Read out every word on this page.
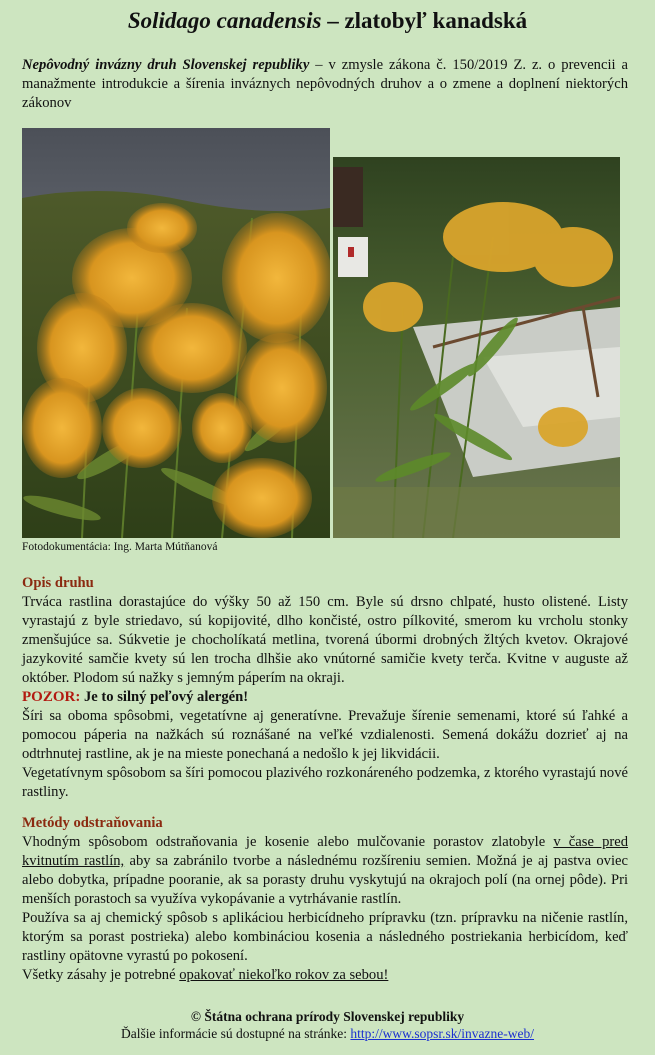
Solidago canadensis – zlatobyľ kanadská
Nepôvodný invázny druh Slovenskej republiky – v zmysle zákona č. 150/2019 Z. z. o prevencii a manažmente introdukcie a šírenia inváznych nepôvodných druhov a o zmene a doplnení niektorých zákonov
Fotodokumentácia: Ing. Marta Mútňanová

Opis druhu

Trváca rastlina dorastajúce do výšky 50 až 150 cm. Byle sú drsno chlpaté, husto olistené. Listy vyrastajú z byle striedavo, sú kopijovité, dlho končisté, ostro pílkovité, smerom ku vrcholu stonky zmenšujúce sa. Súkvetie je chocholíkatá metlina, tvorená úbormi drobných žltých kvetov. Okrajové jazykovité samčie kvety sú len trocha dlhšie ako vnútorné samičie kvety terča. Kvitne v auguste až október. Plodom sú nažky s jemným páperím na okraji.

POZOR: Je to silný peľový alergén!

Šíri sa oboma spôsobmi, vegetatívne aj generatívne. Prevažuje šírenie semenami, ktoré sú ľahké a pomocou páperia na nažkách sú roznášané na veľké vzdialenosti. Semená dokážu dozrieť aj na odtrhnutej rastline, ak je na mieste ponechaná a nedošlo k jej likvidácii.

Vegetatívnym spôsobom sa šíri pomocou plazivého rozkonáreného podzemka, z ktorého vyrastajú nové rastliny.

Metódy odstraňovania

Vhodným spôsobom odstraňovania je kosenie alebo mulčovanie porastov zlatobyle v čase pred kvitnutím rastlín, aby sa zabránilo tvorbe a následnému rozšíreniu semien. Možná je aj pastva oviec alebo dobytka, prípadne pooranie, ak sa porasty druhu vyskytujú na okrajoch polí (na ornej pôde). Pri menších porastoch sa využíva vykopávanie a vytrhávanie rastlín.

Používa sa aj chemický spôsob s aplikáciou herbicídneho prípravku (tzn. prípravku na ničenie rastlín, ktorým sa porast postrieka) alebo kombináciou kosenia a následného postriekania herbicídom, keď rastliny opätovne vyrastú po pokosení.

Všetky zásahy je potrebné opakovať niekoľko rokov za sebou!

© Štátna ochrana prírody Slovenskej republiky
Ďalšie informácie sú dostupné na stránke: http://www.sopsr.sk/invazne-web/
